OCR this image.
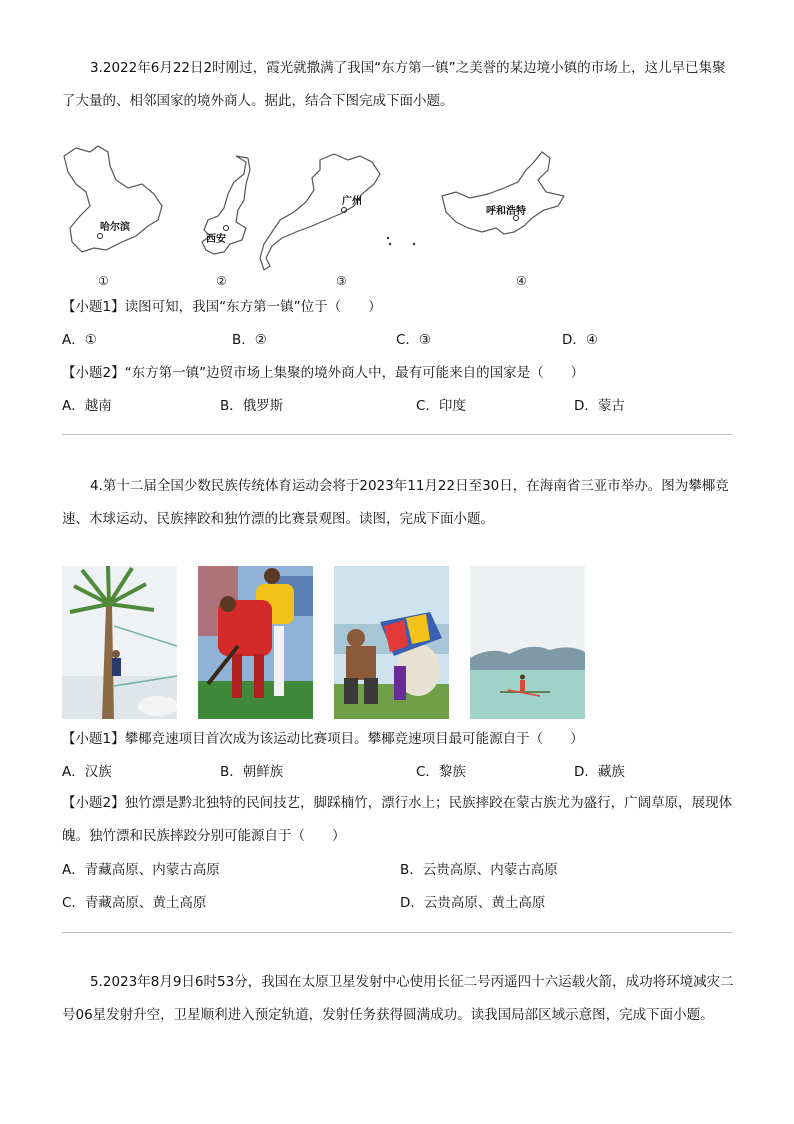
3.2022年6月22日2时刚过，霞光就撒满了我国“东方第一镇”之美誉的某边境小镇的市场上，这儿早已集聚了大量的、相邻国家的境外商人。据此，结合下图完成下面小题。

哈尔滨
①
西安
②
广州
③
呼和浩特
④
【小题1】读图可知，我国“东方第一镇”位于（　　）
A．①	B．②	C．③	D．④
【小题2】“东方第一镇”边贸市场上集聚的境外商人中，最有可能来自的国家是（　　）
A．越南	B．俄罗斯	C．印度	D．蒙古

4.第十二届全国少数民族传统体育运动会将于2023年11月22日至30日，在海南省三亚市举办。图为攀椰竞速、木球运动、民族摔跤和独竹漂的比赛景观图。读图，完成下面小题。

【小题1】攀椰竞速项目首次成为该运动比赛项目。攀椰竞速项目最可能源自于（　　）
A．汉族	B．朝鲜族	C．黎族	D．藏族

【小题2】独竹漂是黔北独特的民间技艺，脚踩楠竹，漂行水上；民族摔跤在蒙古族尤为盛行，广阔草原，展现体魄。独竹漂和民族摔跤分别可能源自于（　　）

A．青藏高原、内蒙古高原	B．云贵高原、内蒙古高原
C．青藏高原、黄土高原	D．云贵高原、黄土高原

5.2023年8月9日6时53分，我国在太原卫星发射中心使用长征二号丙遥四十六运载火箭，成功将环境减灾二号06星发射升空，卫星顺利进入预定轨道，发射任务获得圆满成功。读我国局部区域示意图，完成下面小题。
